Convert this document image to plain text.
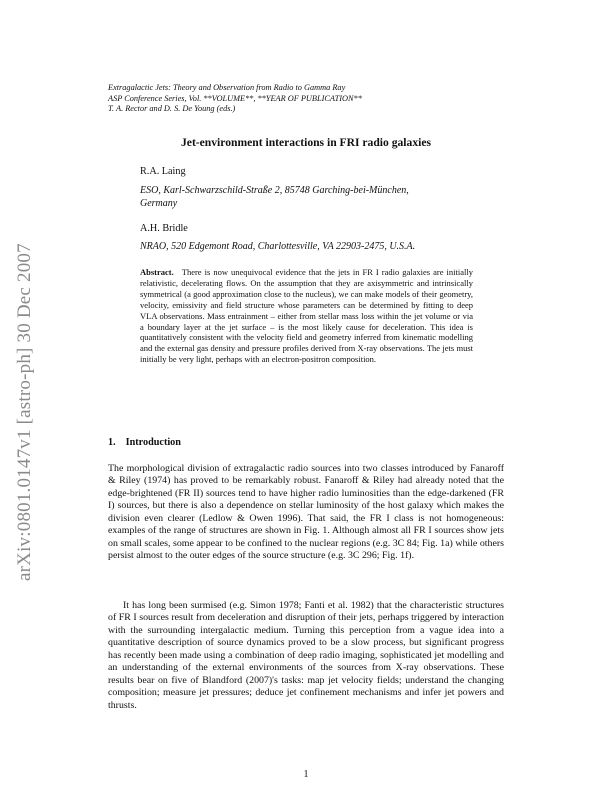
arXiv:0801.0147v1 [astro-ph] 30 Dec 2007
Extragalactic Jets: Theory and Observation from Radio to Gamma Ray
ASP Conference Series, Vol. **VOLUME**, **YEAR OF PUBLICATION**
T. A. Rector and D. S. De Young (eds.)
Jet-environment interactions in FRI radio galaxies
R.A. Laing
ESO, Karl-Schwarzschild-Straße 2, 85748 Garching-bei-München,
Germany
A.H. Bridle
NRAO, 520 Edgemont Road, Charlottesville, VA 22903-2475, U.S.A.
Abstract. There is now unequivocal evidence that the jets in FR I radio galaxies are initially relativistic, decelerating flows. On the assumption that they are axisymmetric and intrinsically symmetrical (a good approximation close to the nucleus), we can make models of their geometry, velocity, emissivity and field structure whose parameters can be determined by fitting to deep VLA observations. Mass entrainment – either from stellar mass loss within the jet volume or via a boundary layer at the jet surface – is the most likely cause for deceleration. This idea is quantitatively consistent with the velocity field and geometry inferred from kinematic modelling and the external gas density and pressure profiles derived from X-ray observations. The jets must initially be very light, perhaps with an electron-positron composition.
1. Introduction

The morphological division of extragalactic radio sources into two classes introduced by Fanaroff & Riley (1974) has proved to be remarkably robust. Fanaroff & Riley had already noted that the edge-brightened (FR II) sources tend to have higher radio luminosities than the edge-darkened (FR I) sources, but there is also a dependence on stellar luminosity of the host galaxy which makes the division even clearer (Ledlow & Owen 1996). That said, the FR I class is not homogeneous: examples of the range of structures are shown in Fig. 1. Although almost all FR I sources show jets on small scales, some appear to be confined to the nuclear regions (e.g. 3C 84; Fig. 1a) while others persist almost to the outer edges of the source structure (e.g. 3C 296; Fig. 1f).

It has long been surmised (e.g. Simon 1978; Fanti et al. 1982) that the characteristic structures of FR I sources result from deceleration and disruption of their jets, perhaps triggered by interaction with the surrounding intergalactic medium. Turning this perception from a vague idea into a quantitative description of source dynamics proved to be a slow process, but significant progress has recently been made using a combination of deep radio imaging, sophisticated jet modelling and an understanding of the external environments of the sources from X-ray observations. These results bear on five of Blandford (2007)'s tasks: map jet velocity fields; understand the changing composition; measure jet pressures; deduce jet confinement mechanisms and infer jet powers and thrusts.

1
